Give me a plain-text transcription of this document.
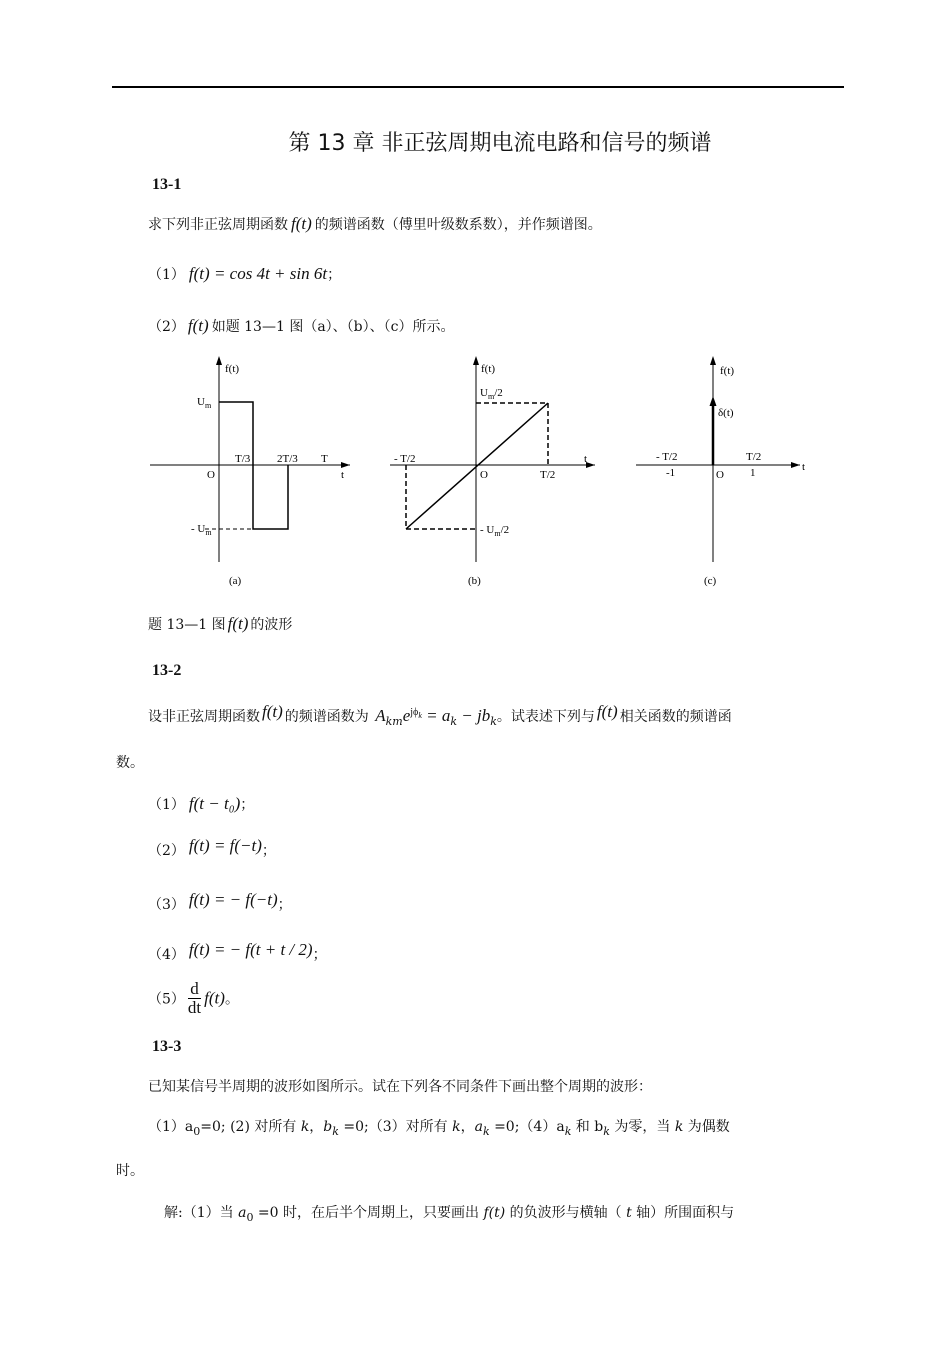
第 13 章 非正弦周期电流电路和信号的频谱
13-1
求下列非正弦周期函数 f(t) 的频谱函数（傅里叶级数系数），并作频谱图。
（1） f(t) = cos 4t + sin 6t；
（2） f(t) 如题 13—1 图（a）、（b）、（c）所示。
f(t)
$U_m$
- $U_m$
O
T/3 2T/3 T
t
(a)
f(t)
$U_m/2$
- $U_m/2$
- T/2
O	T/2
t
(b)
f(t)
δ(t)
- T/2
-1	O
T/2
1	t
(c)
题 13—1 图 f(t) 的波形
13-2
设非正弦周期函数 f(t) 的频谱函数为 $A_{km}e^{j\phi_k} = a_k - jb_k$。试表述下列与 f(t) 相关函数的频谱函
数。
（1） f(t − t₀)；
（2） f(t) = f(−t)；
（3） f(t) = − f(−t)；
（4） f(t) = − f(t + t / 2)；
$(5) \frac{d}{dt} f(t)$。
13-3
已知某信号半周期的波形如图所示。试在下列各不同条件下画出整个周期的波形：
$(1)a_0=0$; (2) 对所有 k，$b_k$ =0;（3）对所有 k，$a_k$ $=0;(4)a_k$ 和 $b_k$ 为零，当 k 为偶数
时。
解:（1）当 $a_0 =0$ 时，在后半个周期上，只要画出 f(t) 的负波形与横轴（ t 轴）所围面积与
